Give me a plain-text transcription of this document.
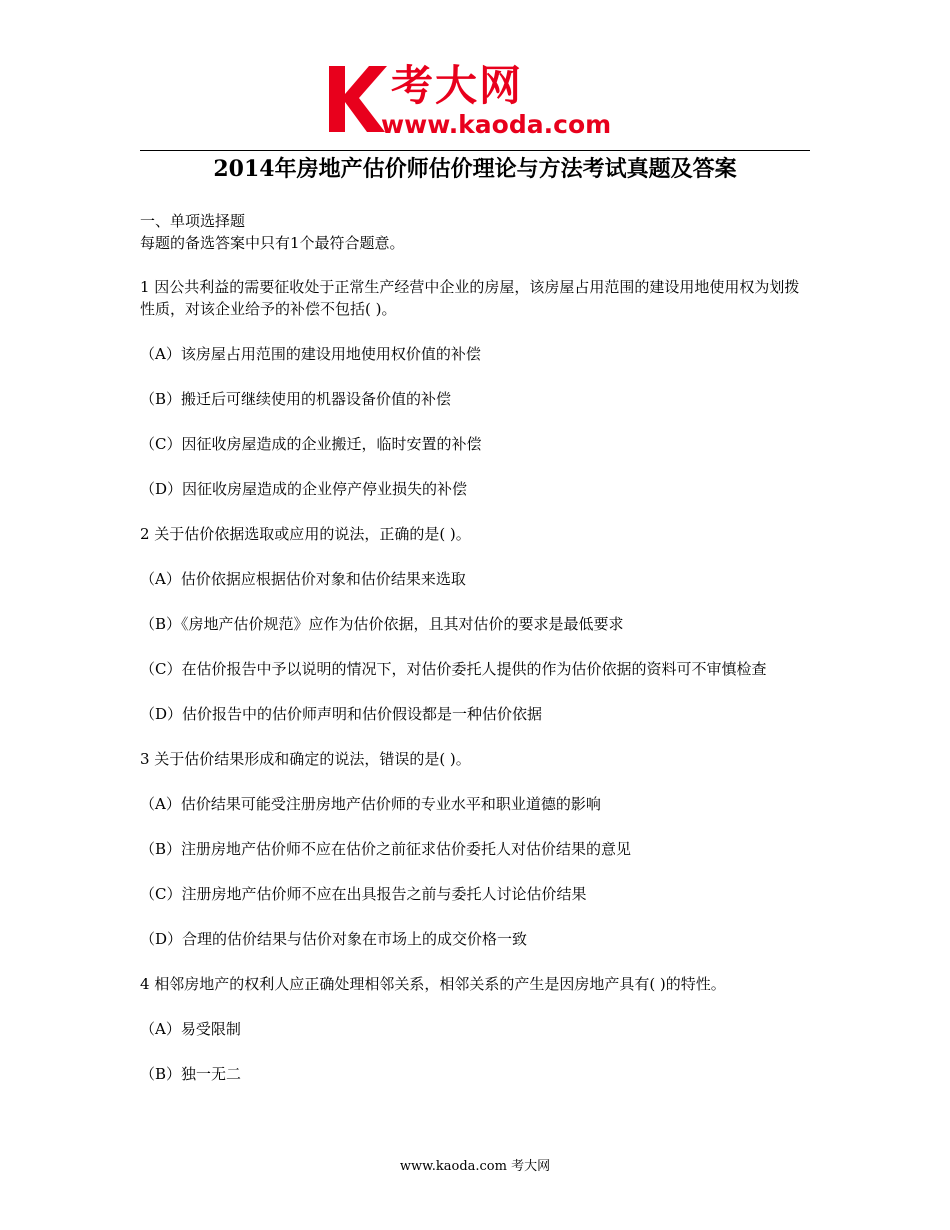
考大网
www.kaoda.com
2014年房地产估价师估价理论与方法考试真题及答案

一、单项选择题

每题的备选答案中只有1个最符合题意。

1 因公共利益的需要征收处于正常生产经营中企业的房屋，该房屋占用范围的建设用地使用权为划拨性质，对该企业给予的补偿不包括( )。

（A）该房屋占用范围的建设用地使用权价值的补偿

（B）搬迁后可继续使用的机器设备价值的补偿

（C）因征收房屋造成的企业搬迁，临时安置的补偿

（D）因征收房屋造成的企业停产停业损失的补偿

2 关于估价依据选取或应用的说法，正确的是( )。

（A）估价依据应根据估价对象和估价结果来选取

（B）《房地产估价规范》应作为估价依据，且其对估价的要求是最低要求

（C）在估价报告中予以说明的情况下，对估价委托人提供的作为估价依据的资料可不审慎检查

（D）估价报告中的估价师声明和估价假设都是一种估价依据

3 关于估价结果形成和确定的说法，错误的是( )。

（A）估价结果可能受注册房地产估价师的专业水平和职业道德的影响

（B）注册房地产估价师不应在估价之前征求估价委托人对估价结果的意见

（C）注册房地产估价师不应在出具报告之前与委托人讨论估价结果

（D）合理的估价结果与估价对象在市场上的成交价格一致

4 相邻房地产的权利人应正确处理相邻关系，相邻关系的产生是因房地产具有( )的特性。

（A）易受限制

（B）独一无二

www.kaoda.com 考大网
